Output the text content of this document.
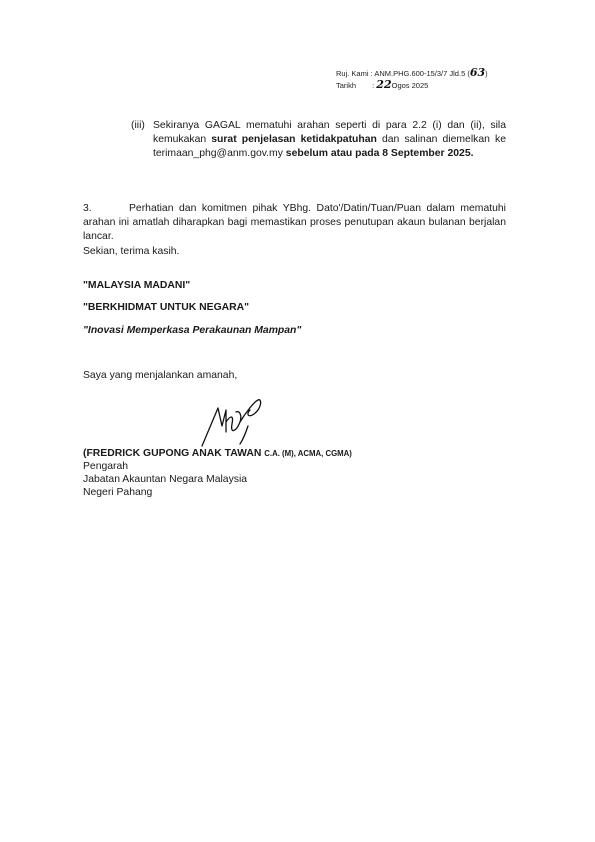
Ruj. Kami : ANM.PHG.600-15/3/7 Jld.5 (63)
Tarikh : 22Ogos 2025
(iii) Sekiranya GAGAL mematuhi arahan seperti di para 2.2 (i) dan (ii), sila kemukakan surat penjelasan ketidakpatuhan dan salinan diemelkan ke terimaan_phg@anm.gov.my sebelum atau pada 8 September 2025.
3.	Perhatian dan komitmen pihak YBhg. Dato'/Datin/Tuan/Puan dalam mematuhi arahan ini amatlah diharapkan bagi memastikan proses penutupan akaun bulanan berjalan lancar.
Sekian, terima kasih.
"MALAYSIA MADANI"
"BERKHIDMAT UNTUK NEGARA"
"Inovasi Memperkasa Perakaunan Mampan"
Saya yang menjalankan amanah,
(FREDRICK GUPONG ANAK TAWAN C.A. (M), ACMA, CGMA)
Pengarah
Jabatan Akauntan Negara Malaysia
Negeri Pahang
